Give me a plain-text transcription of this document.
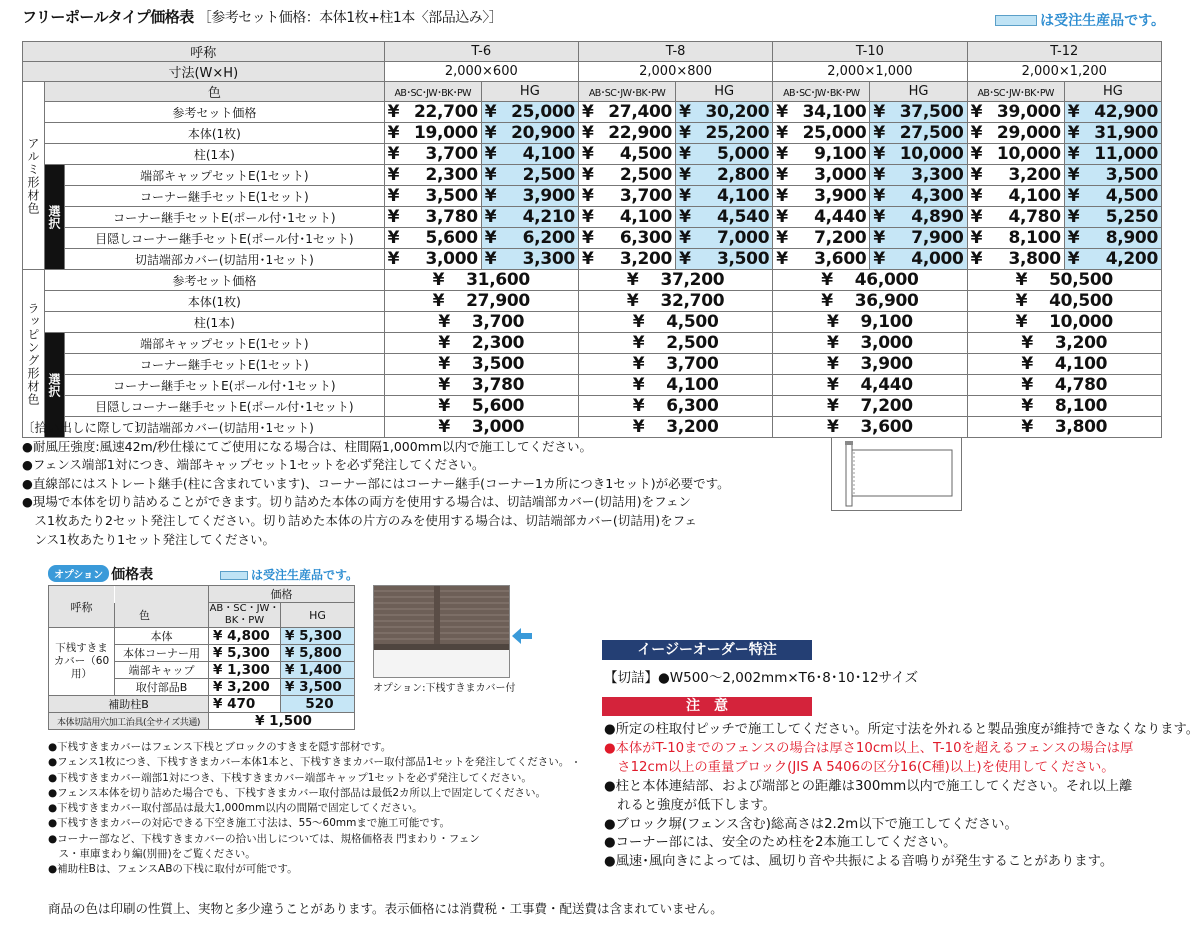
フリーポールタイプ価格表 ［参考セット価格：本体1枚+柱1本〈部品込み〉］	は受注生産品です。
呼称			T-6		T-8		T-10		T-12	
寸法(W×H)			2,000×600		2,000×800		2,000×1,000		2,000×1,200	
アルミ形材色	色		AB･SC･JW･BK･PW	HG	AB･SC･JW･BK･PW	HG	AB･SC･JW･BK･PW	HG	AB･SC･JW･BK･PW	HG
	参考セット価格		¥ 22,700	¥ 25,000	¥ 27,400	¥ 30,200	¥ 34,100	¥ 37,500	¥ 39,000	¥ 42,900

	本体(1枚)		¥ 19,000	¥ 20,900	¥ 22,900	¥ 25,200	¥ 25,000	¥ 27,500	¥ 29,000	¥ 31,900

	柱(1本)		¥ 3,700	¥ 4,100	¥ 4,500	¥ 5,000	¥ 9,100	¥ 10,000	¥ 10,000	¥ 11,000

	選択	端部キャップセットE(1セット)	¥ 2,300	¥ 2,500	¥ 2,500	¥ 2,800	¥ 3,000	¥ 3,300	¥ 3,200	¥ 3,500

		コーナー継手セットE(1セット)	¥ 3,500	¥ 3,900	¥ 3,700	¥ 4,100	¥ 3,900	¥ 4,300	¥ 4,100	¥ 4,500

		コーナー継手セットE(ポール付･1セット)	¥ 3,780	¥ 4,210	¥ 4,100	¥ 4,540	¥ 4,440	¥ 4,890	¥ 4,780	¥ 5,250

		目隠しコーナー継手セットE(ポール付･1セット)	¥ 5,600	¥ 6,200	¥ 6,300	¥ 7,000	¥ 7,200	¥ 7,900	¥ 8,100	¥ 8,900

		切詰端部カバー(切詰用･1セット)	¥ 3,000	¥ 3,300	¥ 3,200	¥ 3,500	¥ 3,600	¥ 4,000	¥ 3,800	¥ 4,200

ラッピング形材色	参考セット価格		¥ 31,600		¥ 37,200		¥ 46,000		¥ 50,500	
	本体(1枚)		¥ 27,900		¥ 32,700		¥ 36,900		¥ 40,500	
	柱(1本)		¥ 3,700		¥ 4,500		¥ 9,100		¥ 10,000	
	選択	端部キャップセットE(1セット)	¥ 2,300		¥ 2,500		¥ 3,000		¥ 3,200	
		コーナー継手セットE(1セット)	¥ 3,500		¥ 3,700		¥ 3,900		¥ 4,100	
		コーナー継手セットE(ポール付･1セット)	¥ 3,780		¥ 4,100		¥ 4,440		¥ 4,780	
		目隠しコーナー継手セットE(ポール付･1セット)	¥ 5,600		¥ 6,300		¥ 7,200		¥ 8,100	
		切詰端部カバー(切詰用･1セット)	¥ 3,000		¥ 3,200		¥ 3,600		¥ 3,800	
〔拾い出しに際して〕
●耐風圧強度:風速42m/秒仕様にてご使用になる場合は、柱間隔1,000mm以内で施工してください。
●フェンス端部1対につき、端部キャップセット1セットを必ず発注してください。
●直線部にはストレート継手(柱に含まれています)、コーナー部にはコーナー継手(コーナー1カ所につき1セット)が必要です。
●現場で本体を切り詰めることができます。切り詰めた本体の両方を使用する場合は、切詰端部カバー(切詰用)をフェン
　ス1枚あたり2セット発注してください。切り詰めた本体の片方のみを使用する場合は、切詰端部カバー(切詰用)をフェ
　ンス1枚あたり1セット発注してください。
オプション 価格表	は受注生産品です。
呼称		価格	
		AB・SC・JW・BK・PW	HG
	色		
下桟すきまカバー（60用）	本体	¥ 4,800	¥ 5,300
	本体コーナー用	¥ 5,300	¥ 5,800
	端部キャップ	¥ 1,300	¥ 1,400
	取付部品B	¥ 3,200	¥ 3,500
補助柱B		¥ 470	520
本体切詰用穴加工治具(全サイズ共通)		¥ 1,500	
オプション:下桟すきまカバー付
●下桟すきまカバーはフェンス下桟とブロックのすきまを隠す部材です。
●フェンス1枚につき、下桟すきまカバー本体1本と、下桟すきまカバー取付部品1セットを発注してください。
●下桟すきまカバー端部1対につき、下桟すきまカバー端部キャップ1セットを必ず発注してください。
●フェンス本体を切り詰めた場合でも、下桟すきまカバー取付部品は最低2カ所以上で固定してください。
●下桟すきまカバー取付部品は最大1,000mm以内の間隔で固定してください。
●下桟すきまカバーの対応できる下空き施工寸法は、55～60mmまで施工可能です。
●コーナー部など、下桟すきまカバーの拾い出しについては、規格価格表 門まわり・フェン
　ス・車庫まわり編(別冊)をご覧ください。
●補助柱Bは、フェンスABの下桟に取付が可能です。
イージーオーダー特注
【切詰】●W500～2,002mm×T6･8･10･12サイズ
注　意
●所定の柱取付ピッチで施工してください。所定寸法を外れると製品強度が維持できなくなります。
●本体がT-10までのフェンスの場合は厚さ10cm以上、T-10を超えるフェンスの場合は厚
　さ12cm以上の重量ブロック(JIS A 5406の区分16(C種)以上)を使用してください。
●柱と本体連結部、および端部との距離は300mm以内で施工してください。それ以上離
　れると強度が低下します。
●ブロック塀(フェンス含む)総高さは2.2m以下で施工してください。
●コーナー部には、安全のため柱を2本施工してください。
●風速･風向きによっては、風切り音や共振による音鳴りが発生することがあります。
商品の色は印刷の性質上、実物と多少違うことがあります。表示価格には消費税・工事費・配送費は含まれていません。
